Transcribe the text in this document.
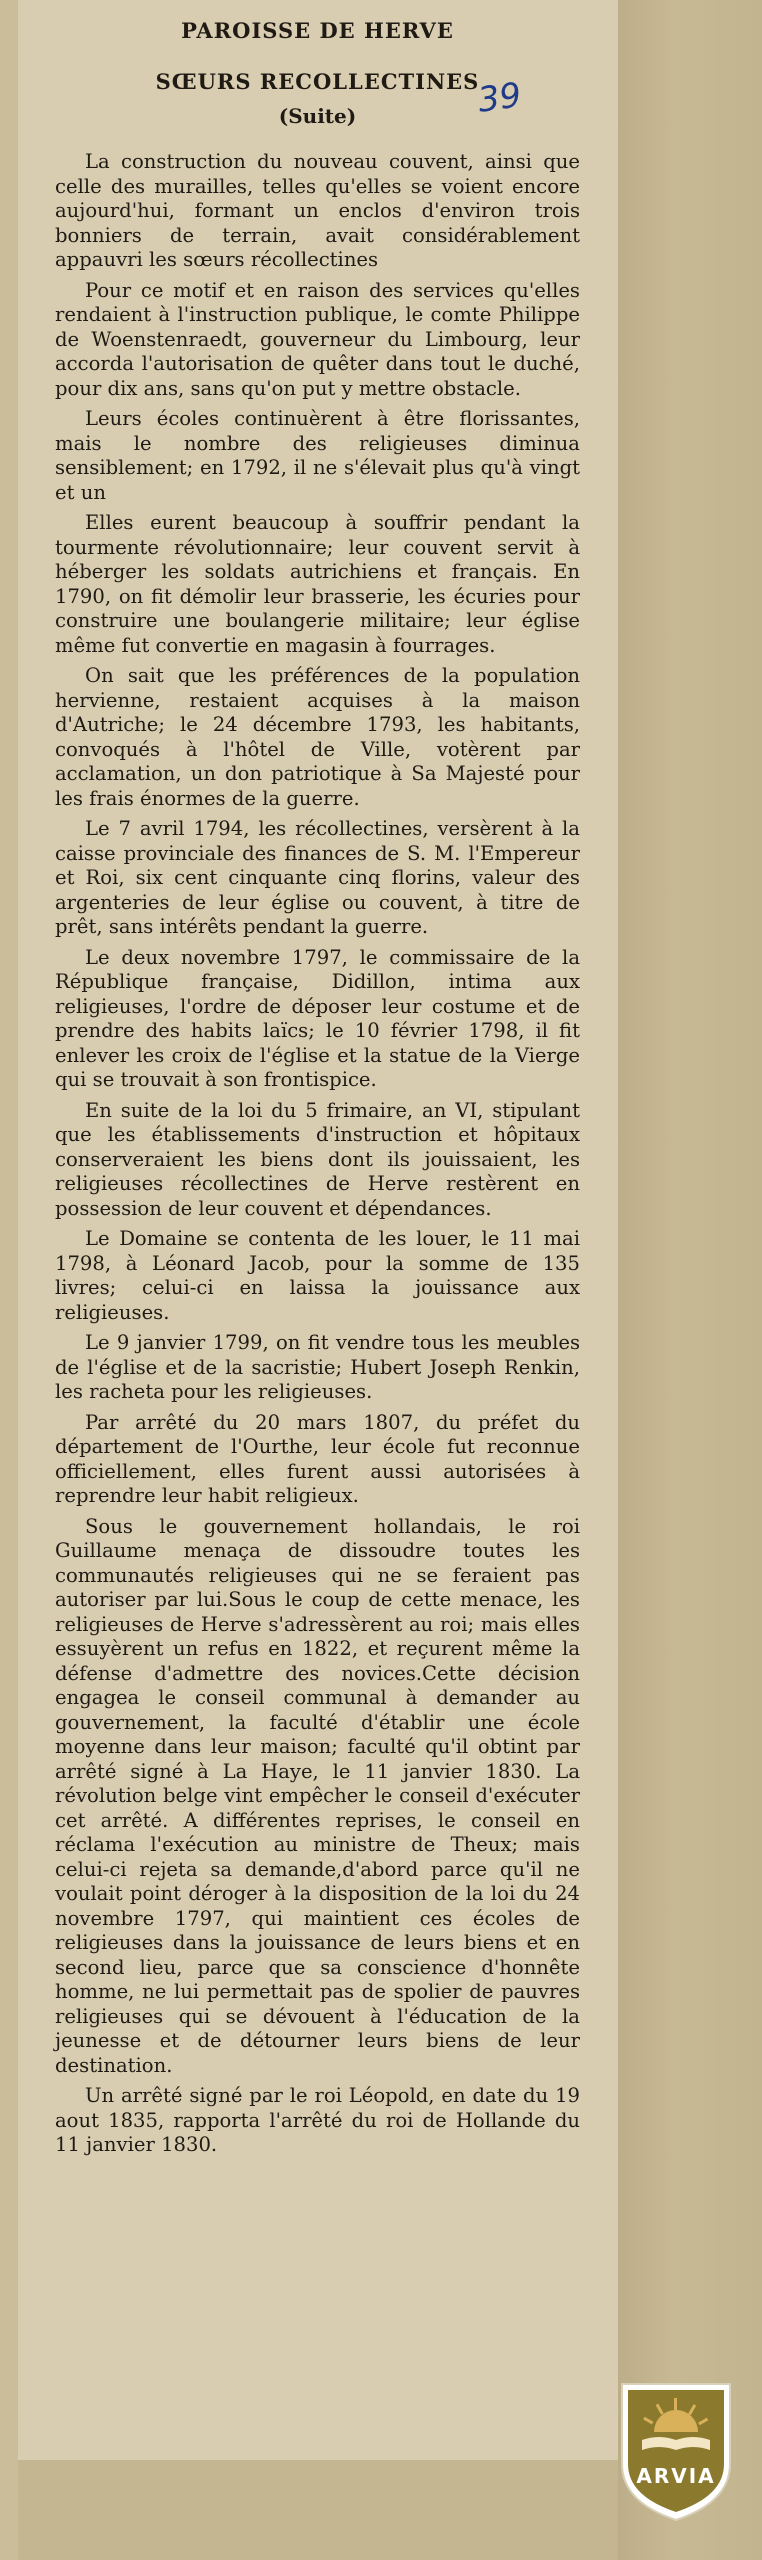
PAROISSE DE HERVE
SŒURS RECOLLECTINES
(Suite)

La construction du nouveau couvent, ainsi que celle des murailles, telles qu'elles se voient encore aujourd'hui, formant un enclos d'environ trois bonniers de terrain, avait considérablement appauvri les sœurs récollectines

Pour ce motif et en raison des services qu'elles rendaient à l'instruction publique, le comte Philippe de Woenstenraedt, gouverneur du Limbourg, leur accorda l'autorisation de quêter dans tout le duché, pour dix ans, sans qu'on put y mettre obstacle.

Leurs écoles continuèrent à être florissantes, mais le nombre des religieuses diminua sensiblement; en 1792, il ne s'élevait plus qu'à vingt et un

Elles eurent beaucoup à souffrir pendant la tourmente révolutionnaire; leur couvent servit à héberger les soldats autrichiens et français. En 1790, on fit démolir leur brasserie, les écuries pour construire une boulangerie militaire; leur église même fut convertie en magasin à fourrages.

On sait que les préférences de la population hervienne, restaient acquises à la maison d'Autriche; le 24 décembre 1793, les habitants, convoqués à l'hôtel de Ville, votèrent par acclamation, un don patriotique à Sa Majesté pour les frais énormes de la guerre.

Le 7 avril 1794, les récollectines, versèrent à la caisse provinciale des finances de S. M. l'Empereur et Roi, six cent cinquante cinq florins, valeur des argenteries de leur église ou couvent, à titre de prêt, sans intérêts pendant la guerre.

Le deux novembre 1797, le commissaire de la République française, Didillon, intima aux religieuses, l'ordre de déposer leur costume et de prendre des habits laïcs; le 10 février 1798, il fit enlever les croix de l'église et la statue de la Vierge qui se trouvait à son frontispice.

En suite de la loi du 5 frimaire, an VI, stipulant que les établissements d'instruction et hôpitaux conserveraient les biens dont ils jouissaient, les religieuses récollectines de Herve restèrent en possession de leur couvent et dépendances.

Le Domaine se contenta de les louer, le 11 mai 1798, à Léonard Jacob, pour la somme de 135 livres; celui-ci en laissa la jouissance aux religieuses.

Le 9 janvier 1799, on fit vendre tous les meubles de l'église et de la sacristie; Hubert Joseph Renkin, les racheta pour les religieuses.

Par arrêté du 20 mars 1807, du préfet du département de l'Ourthe, leur école fut reconnue officiellement, elles furent aussi autorisées à reprendre leur habit religieux.

Sous le gouvernement hollandais, le roi Guillaume menaça de dissoudre toutes les communautés religieuses qui ne se feraient pas autoriser par lui.Sous le coup de cette menace, les religieuses de Herve s'adressèrent au roi; mais elles essuyèrent un refus en 1822, et reçurent même la défense d'admettre des novices.Cette décision engagea le conseil communal à demander au gouvernement, la faculté d'établir une école moyenne dans leur maison; faculté qu'il obtint par arrêté signé à La Haye, le 11 janvier 1830. La révolution belge vint empêcher le conseil d'exécuter cet arrêté. A différentes reprises, le conseil en réclama l'exécution au ministre de Theux; mais celui-ci rejeta sa demande,d'abord parce qu'il ne voulait point déroger à la disposition de la loi du 24 novembre 1797, qui maintient ces écoles de religieuses dans la jouissance de leurs biens et en second lieu, parce que sa conscience d'honnête homme, ne lui permettait pas de spolier de pauvres religieuses qui se dévouent à l'éducation de la jeunesse et de détourner leurs biens de leur destination.

Un arrêté signé par le roi Léopold, en date du 19 aout 1835, rapporta l'arrêté du roi de Hollande du 11 janvier 1830.

39
ARVIA
